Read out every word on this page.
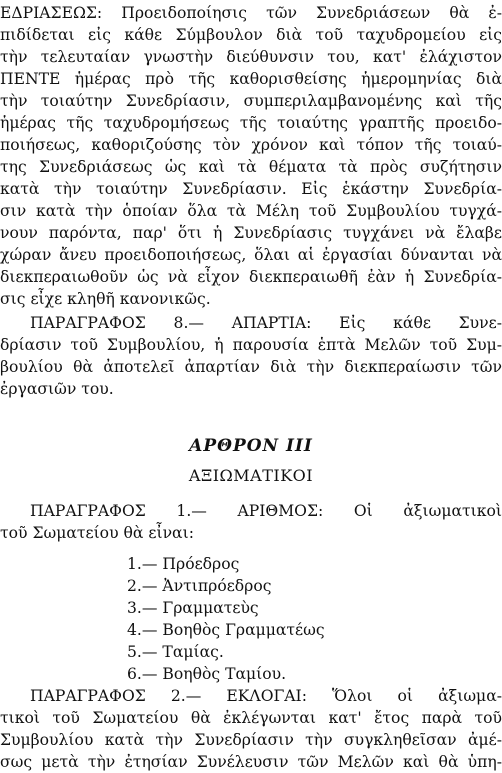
ΕΔΡΙΑΣΕΩΣ: Προειδοποίησις τῶν Συνεδριάσεων θὰ ἐ-
πιδίδεται εἰς κάθε Σύμβουλον διὰ τοῦ ταχυδρομείου εἰς
τὴν τελευταίαν γνωστὴν διεύθυνσιν του, κατ' ἐλάχιστον
ΠΕΝΤΕ ἡμέρας πρὸ τῆς καθορισθείσης ἡμερομηνίας διὰ
τὴν τοιαύτην Συνεδρίασιν, συμπεριλαμβανομένης καὶ τῆς
ἡμέρας τῆς ταχυδρομήσεως τῆς τοιαύτης γραπτῆς προειδο-
ποιήσεως, καθοριζούσης τὸν χρόνον καὶ τόπον τῆς τοιαύ-
της Συνεδριάσεως ὡς καὶ τὰ θέματα τὰ πρὸς συζήτησιν
κατὰ τὴν τοιαύτην Συνεδρίασιν. Εἰς ἑκάστην Συνεδρία-
σιν κατὰ τὴν ὁποίαν ὅλα τὰ Μέλη τοῦ Συμβουλίου τυγχά-
νουν παρόντα, παρ' ὅτι ἡ Συνεδρίασις τυγχάνει νὰ ἔλαβε
χώραν ἄνευ προειδοποιήσεως, ὅλαι αἱ ἐργασίαι δύνανται νὰ
διεκπεραιωθοῦν ὡς νὰ εἶχον διεκπεραιωθῆ ἐὰν ἡ Συνεδρία-
σις εἶχε κληθῆ κανονικῶς.
ΠΑΡΑΓΡΑΦΟΣ 8.— ΑΠΑΡΤΙΑ: Εἰς κάθε Συνε-
δρίασιν τοῦ Συμβουλίου, ἡ παρουσία ἑπτὰ Μελῶν τοῦ Συμ-
βουλίου θὰ ἀποτελεῖ ἀπαρτίαν διὰ τὴν διεκπεραίωσιν τῶν
ἐργασιῶν του.
ΑΡΘΡΟΝ III
ΑΞΙΩΜΑΤΙΚΟΙ
ΠΑΡΑΓΡΑΦΟΣ 1.— ΑΡΙΘΜΟΣ: Οἱ ἀξιωματικοὶ
τοῦ Σωματείου θὰ εἶναι:
1.— Πρόεδρος
2.— Ἀντιπρόεδρος
3.— Γραμματεὺς
4.— Βοηθὸς Γραμματέως
5.— Ταμίας.
6.— Βοηθὸς Ταμίου.
ΠΑΡΑΓΡΑΦΟΣ 2.— ΕΚΛΟΓΑΙ: Ὅλοι οἱ ἀξιωμα-
τικοὶ τοῦ Σωματείου θὰ ἐκλέγωνται κατ' ἔτος παρὰ τοῦ
Συμβουλίου κατὰ τὴν Συνεδρίασιν τὴν συγκληθεῖσαν ἀμέ-
σως μετὰ τὴν ἐτησίαν Συνέλευσιν τῶν Μελῶν καὶ θὰ ὑπη-
